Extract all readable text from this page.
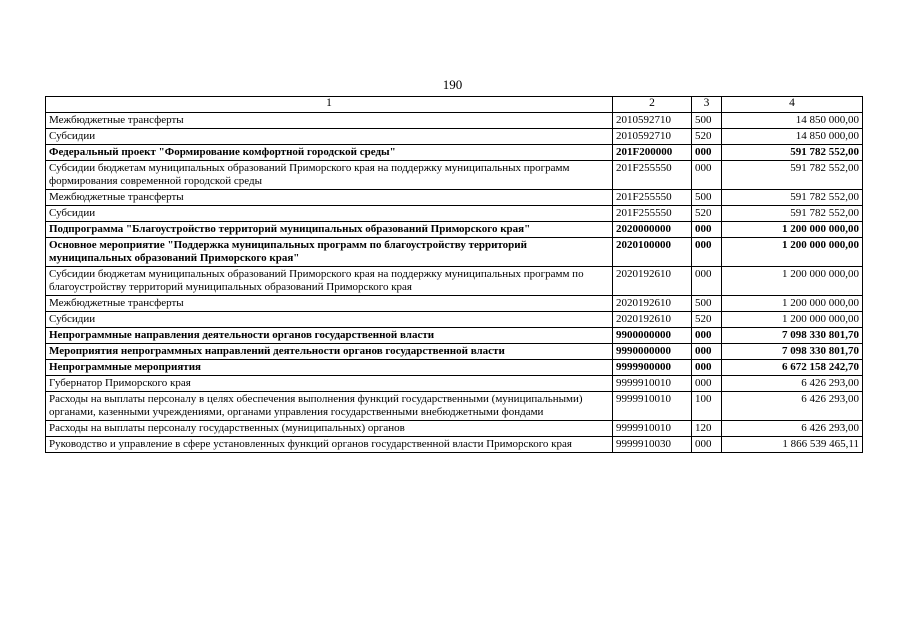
190
1	2	3	4
Межбюджетные трансферты	2010592710	500	14 850 000,00
Субсидии	2010592710	520	14 850 000,00
Федеральный проект "Формирование комфортной городской среды"	201F200000	000	591 782 552,00
Субсидии бюджетам муниципальных образований Приморского края на поддержку муниципальных программ формирования современной городской среды	201F255550	000	591 782 552,00
Межбюджетные трансферты	201F255550	500	591 782 552,00
Субсидии	201F255550	520	591 782 552,00
Подпрограмма "Благоустройство территорий муниципальных образований Приморского края"	2020000000	000	1 200 000 000,00
Основное мероприятие "Поддержка муниципальных программ по благоустройству территорий муниципальных образований Приморского края"	2020100000	000	1 200 000 000,00
Субсидии бюджетам муниципальных образований Приморского края на поддержку муниципальных программ по благоустройству территорий муниципальных образований Приморского края	2020192610	000	1 200 000 000,00
Межбюджетные трансферты	2020192610	500	1 200 000 000,00
Субсидии	2020192610	520	1 200 000 000,00
Непрограммные направления деятельности органов государственной власти	9900000000	000	7 098 330 801,70
Мероприятия непрограммных направлений деятельности органов государственной власти	9990000000	000	7 098 330 801,70
Непрограммные мероприятия	9999900000	000	6 672 158 242,70
Губернатор Приморского края	9999910010	000	6 426 293,00
Расходы на выплаты персоналу в целях обеспечения выполнения функций государственными (муниципальными) органами, казенными учреждениями, органами управления государственными внебюджетными фондами	9999910010	100	6 426 293,00
Расходы на выплаты персоналу государственных (муниципальных) органов	9999910010	120	6 426 293,00
Руководство и управление в сфере установленных функций органов государственной власти Приморского края	9999910030	000	1 866 539 465,11
